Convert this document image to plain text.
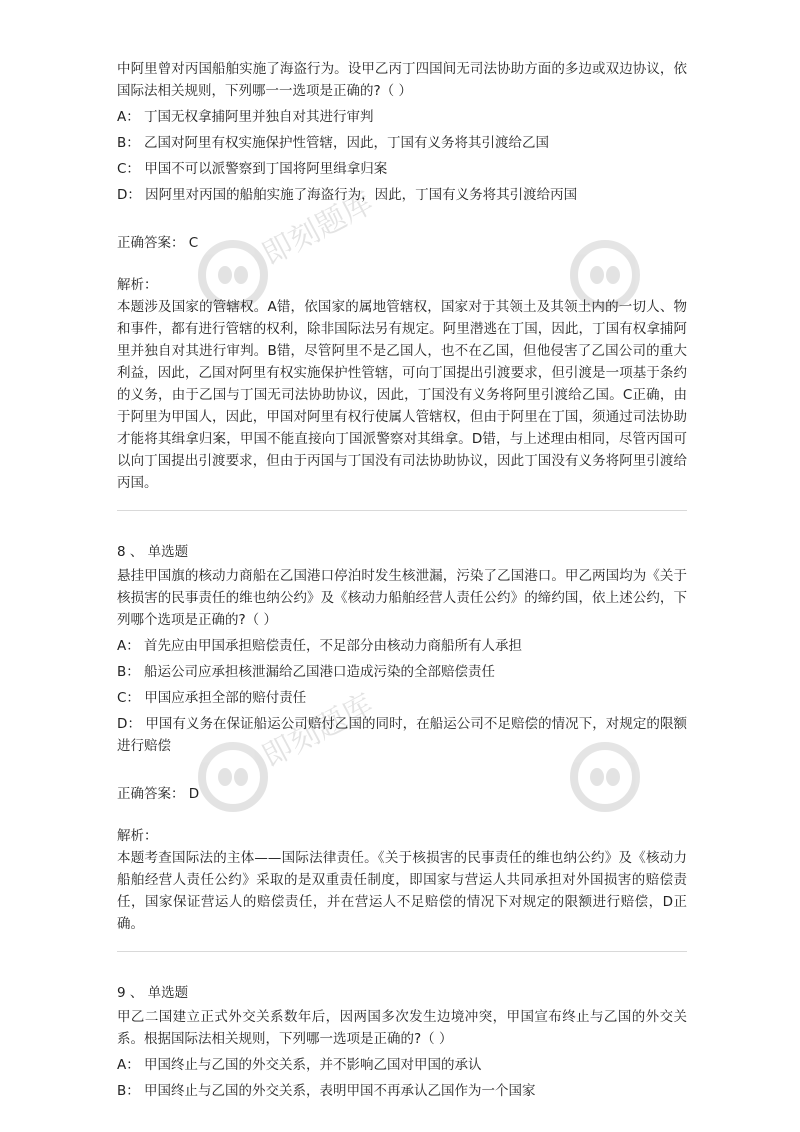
即刻题库
即刻题库

中阿里曾对丙国船舶实施了海盗行为。设甲乙丙丁四国间无司法协助方面的多边或双边协议，依国际法相关规则，下列哪一一选项是正确的?（ ）

A： 丁国无权拿捕阿里并独自对其进行审判

B： 乙国对阿里有权实施保护性管辖，因此，丁国有义务将其引渡给乙国

C： 甲国不可以派警察到丁国将阿里缉拿归案

D： 因阿里对丙国的船舶实施了海盗行为，因此，丁国有义务将其引渡给丙国

正确答案： C

解析：

本题涉及国家的管辖权。A错，依国家的属地管辖权，国家对于其领土及其领土内的一切人、物和事件，都有进行管辖的权利，除非国际法另有规定。阿里潜逃在丁国，因此，丁国有权拿捕阿里并独自对其进行审判。B错，尽管阿里不是乙国人，也不在乙国，但他侵害了乙国公司的重大利益，因此，乙国对阿里有权实施保护性管辖，可向丁国提出引渡要求，但引渡是一项基于条约的义务，由于乙国与丁国无司法协助协议，因此，丁国没有义务将阿里引渡给乙国。C正确，由于阿里为甲国人，因此，甲国对阿里有权行使属人管辖权，但由于阿里在丁国，须通过司法协助才能将其缉拿归案，甲国不能直接向丁国派警察对其缉拿。D错，与上述理由相同，尽管丙国可以向丁国提出引渡要求，但由于丙国与丁国没有司法协助协议，因此丁国没有义务将阿里引渡给丙国。

8 、 单选题

悬挂甲国旗的核动力商船在乙国港口停泊时发生核泄漏，污染了乙国港口。甲乙两国均为《关于核损害的民事责任的维也纳公约》及《核动力船舶经营人责任公约》的缔约国，依上述公约，下列哪个选项是正确的?（ ）

A： 首先应由甲国承担赔偿责任，不足部分由核动力商船所有人承担

B： 船运公司应承担核泄漏给乙国港口造成污染的全部赔偿责任

C： 甲国应承担全部的赔付责任

D： 甲国有义务在保证船运公司赔付乙国的同时，在船运公司不足赔偿的情况下，对规定的限额进行赔偿

正确答案： D

解析：

本题考查国际法的主体——国际法律责任。《关于核损害的民事责任的维也纳公约》及《核动力船舶经营人责任公约》采取的是双重责任制度，即国家与营运人共同承担对外国损害的赔偿责任，国家保证营运人的赔偿责任，并在营运人不足赔偿的情况下对规定的限额进行赔偿，D正确。

9 、 单选题

甲乙二国建立正式外交关系数年后，因两国多次发生边境冲突，甲国宣布终止与乙国的外交关系。根据国际法相关规则，下列哪一选项是正确的?（ ）

A： 甲国终止与乙国的外交关系，并不影响乙国对甲国的承认

B： 甲国终止与乙国的外交关系，表明甲国不再承认乙国作为一个国家
